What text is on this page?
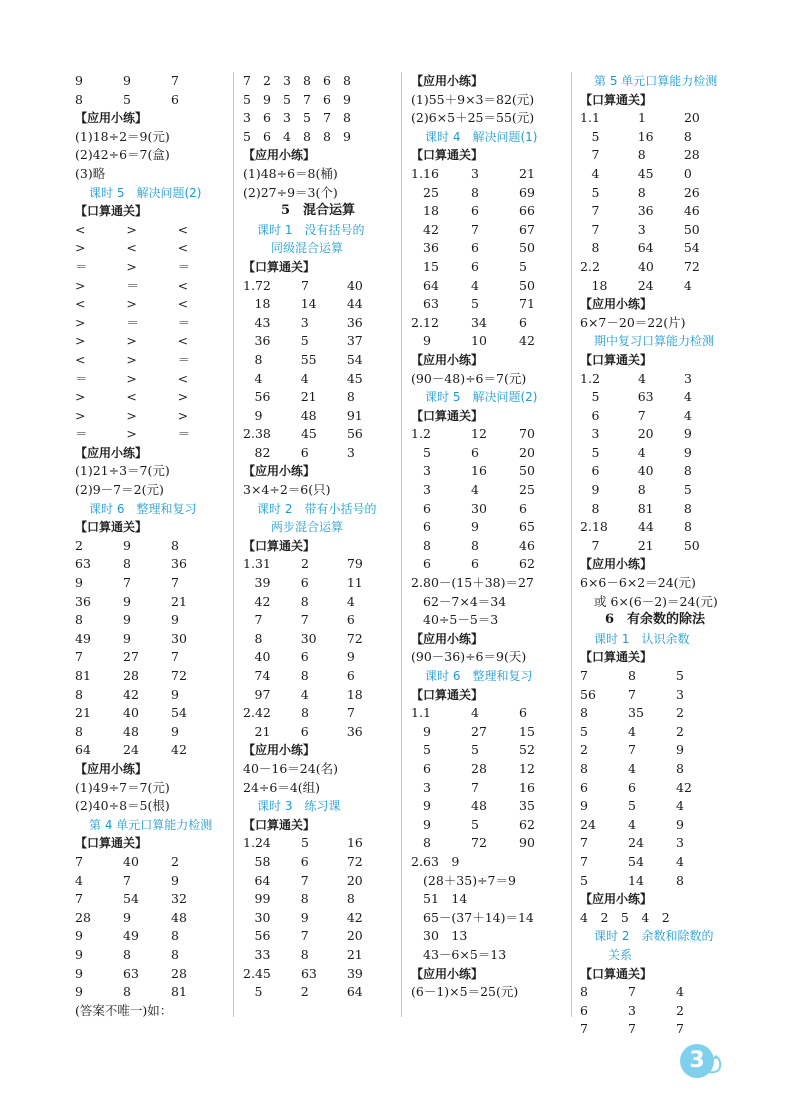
9	9	7
8	5	6
【应用小练】
(1)18÷2＝9(元)
(2)42÷6＝7(盒)
(3)略
课时 5　解决问题(2)
【口算通关】
<	>	<
>	<	<
＝	>	＝
>	＝	<
<	>	<
>	＝	＝
>	>	<
<	>	＝
＝	>	<
>	<	>
>	>	>
＝	>	＝
【应用小练】
(1)21÷3＝7(元)
(2)9－7＝2(元)
课时 6　整理和复习
【口算通关】
2	9	8
63	8	36
9	7	7
36	9	21
8	9	9
49	9	30
7	27	7
81	28	72
8	42	9
21	40	54
8	48	9
64	24	42
【应用小练】
(1)49÷7＝7(元)
(2)40÷8＝5(根)
第 4 单元口算能力检测
【口算通关】
7	40	2
4	7	9
7	54	32
28	9	48
9	49	8
9	8	8
9	63	28
9	8	81
(答案不唯一)如：
7 2 3 8 6 8
5 9 5 7 6 9
3 6 3 5 7 8
5 6 4 8 8 9
【应用小练】
(1)48÷6＝8(桶)
(2)27÷9＝3(个)
5　混合运算
课时 1　没有括号的
同级混合运算
【口算通关】
1. 72	7	40
18	14	44
43	3	36
36	5	37
8	55	54
4	4	45
56	21	8
9	48	91
2. 38	45	56
82	6	3
【应用小练】
3×4÷2＝6(只)
课时 2　带有小括号的
两步混合运算
【口算通关】
1. 31	2	79
39	6	11
42	8	4
7	7	6
8	30	72
40	6	9
74	8	6
97	4	18
2. 42	8	7
21	6	36
【应用小练】
40－16＝24(名)
24÷6＝4(组)
课时 3　练习课
【口算通关】
1. 24	5	16
58	6	72
64	7	20
99	8	8
30	9	42
56	7	20
33	8	21
2. 45	63	39
5	2	64
【应用小练】
(1)55＋9×3＝82(元)
(2)6×5＋25＝55(元)
课时 4　解决问题(1)
【口算通关】
1. 16	3	21
25	8	69
18	6	66
42	7	67
36	6	50
15	6	5
64	4	50
63	5	71
2. 12	34	6
9	10	42
【应用小练】
(90－48)÷6＝7(元)
课时 5　解决问题(2)
【口算通关】
1. 2	12	70
5	6	20
3	16	50
3	4	25
6	30	6
6	9	65
8	8	46
6	6	62
2.80－(15＋38)＝27
62－7×4＝34
40÷5－5＝3
【应用小练】
(90－36)÷6＝9(天)
课时 6　整理和复习
【口算通关】
1. 1	4	6
9	27	15
5	5	52
6	28	12
3	7	16
9	48	35
9	5	62
8	72	90
2.63　9
(28＋35)÷7＝9
51　14
65－(37＋14)＝14
30　13
43－6×5＝13
【应用小练】
(6－1)×5＝25(元)
第 5 单元口算能力检测
【口算通关】
1. 1	1	20
5	16	8
7	8	28
4	45	0
5	8	26
7	36	46
7	3	50
8	64	54
2. 2	40	72
18	24	4
【应用小练】
6×7－20＝22(片)
期中复习口算能力检测
【口算通关】
1. 2	4	3
5	63	4
6	7	4
3	20	9
5	4	9
6	40	8
9	8	5
8	81	8
2. 18	44	8
7	21	50
【应用小练】
6×6－6×2＝24(元)
或 6×(6－2)＝24(元)
6　有余数的除法
课时 1　认识余数
【口算通关】
7	8	5
56	7	3
8	35	2
5	4	2
2	7	9
8	4	8
6	6	42
9	5	4
24	4	9
7	24	3
7	54	4
5	14	8
【应用小练】
4　2　5　4　2
课时 2　余数和除数的
关系
【口算通关】
8	7	4
6	3	2
7	7	7
3
